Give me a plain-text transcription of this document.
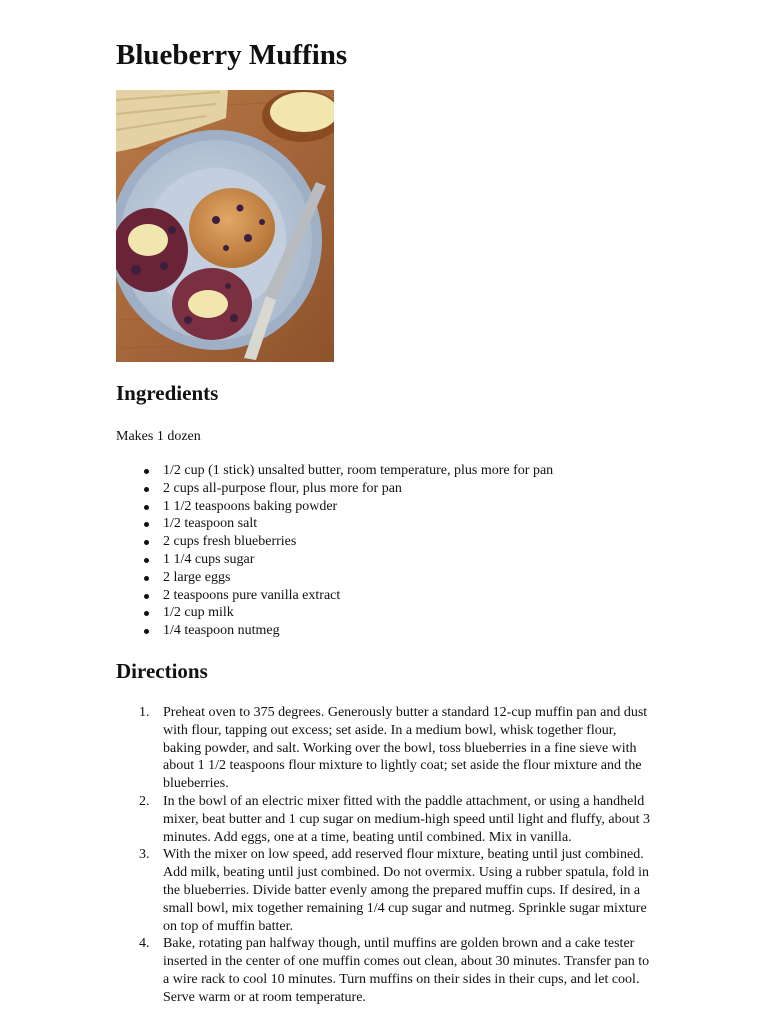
Blueberry Muffins
Ingredients

Makes 1 dozen

1/2 cup (1 stick) unsalted butter, room temperature, plus more for pan
2 cups all-purpose flour, plus more for pan
1 1/2 teaspoons baking powder
1/2 teaspoon salt
2 cups fresh blueberries
1 1/4 cups sugar
2 large eggs
2 teaspoons pure vanilla extract
1/2 cup milk
1/4 teaspoon nutmeg
Directions
Preheat oven to 375 degrees. Generously butter a standard 12-cup muffin pan and dust with flour, tapping out excess; set aside. In a medium bowl, whisk together flour, baking powder, and salt. Working over the bowl, toss blueberries in a fine sieve with about 1 1/2 teaspoons flour mixture to lightly coat; set aside the flour mixture and the blueberries.
In the bowl of an electric mixer fitted with the paddle attachment, or using a handheld mixer, beat butter and 1 cup sugar on medium-high speed until light and fluffy, about 3 minutes. Add eggs, one at a time, beating until combined. Mix in vanilla.
With the mixer on low speed, add reserved flour mixture, beating until just combined. Add milk, beating until just combined. Do not overmix. Using a rubber spatula, fold in the blueberries. Divide batter evenly among the prepared muffin cups. If desired, in a small bowl, mix together remaining 1/4 cup sugar and nutmeg. Sprinkle sugar mixture on top of muffin batter.
Bake, rotating pan halfway though, until muffins are golden brown and a cake tester inserted in the center of one muffin comes out clean, about 30 minutes. Transfer pan to a wire rack to cool 10 minutes. Turn muffins on their sides in their cups, and let cool. Serve warm or at room temperature.
